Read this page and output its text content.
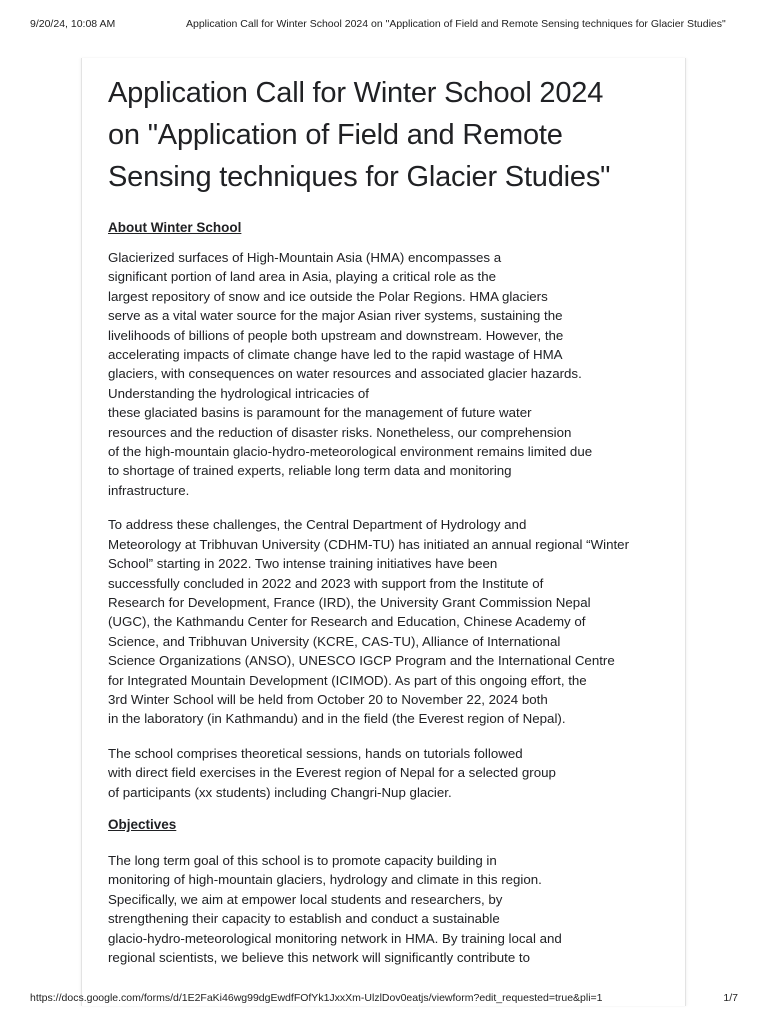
9/20/24, 10:08 AM	Application Call for Winter School 2024 on "Application of Field and Remote Sensing techniques for Glacier Studies"
Application Call for Winter School 2024
on "Application of Field and Remote
Sensing techniques for Glacier Studies"
About Winter School

Glacierized surfaces of High-Mountain Asia (HMA) encompasses a
significant portion of land area in Asia, playing a critical role as the
largest repository of snow and ice outside the Polar Regions. HMA glaciers
serve as a vital water source for the major Asian river systems, sustaining the
livelihoods of billions of people both upstream and downstream. However, the
accelerating impacts of climate change have led to the rapid wastage of HMA
glaciers, with consequences on water resources and associated glacier hazards.
Understanding the hydrological intricacies of
these glaciated basins is paramount for the management of future water
resources and the reduction of disaster risks. Nonetheless, our comprehension
of the high-mountain glacio-hydro-meteorological environment remains limited due
to shortage of trained experts, reliable long term data and monitoring
infrastructure.

To address these challenges, the Central Department of Hydrology and
Meteorology at Tribhuvan University (CDHM-TU) has initiated an annual regional “Winter
School” starting in 2022. Two intense training initiatives have been
successfully concluded in 2022 and 2023 with support from the Institute of
Research for Development, France (IRD), the University Grant Commission Nepal
(UGC), the Kathmandu Center for Research and Education, Chinese Academy of
Science, and Tribhuvan University (KCRE, CAS-TU), Alliance of International
Science Organizations (ANSO), UNESCO IGCP Program and the International Centre
for Integrated Mountain Development (ICIMOD). As part of this ongoing effort, the
3rd Winter School will be held from October 20 to November 22, 2024 both
in the laboratory (in Kathmandu) and in the field (the Everest region of Nepal).

The school comprises theoretical sessions, hands on tutorials followed
with direct field exercises in the Everest region of Nepal for a selected group
of participants (xx students) including Changri-Nup glacier.

Objectives

The long term goal of this school is to promote capacity building in
monitoring of high-mountain glaciers, hydrology and climate in this region.
Specifically, we aim at empower local students and researchers, by
strengthening their capacity to establish and conduct a sustainable
glacio-hydro-meteorological monitoring network in HMA. By training local and
regional scientists, we believe this network will significantly contribute to

https://docs.google.com/forms/d/1E2FaKi46wg99dgEwdfFOfYk1JxxXm-UlzlDov0eatjs/viewform?edit_requested=true&pli=1	1/7
